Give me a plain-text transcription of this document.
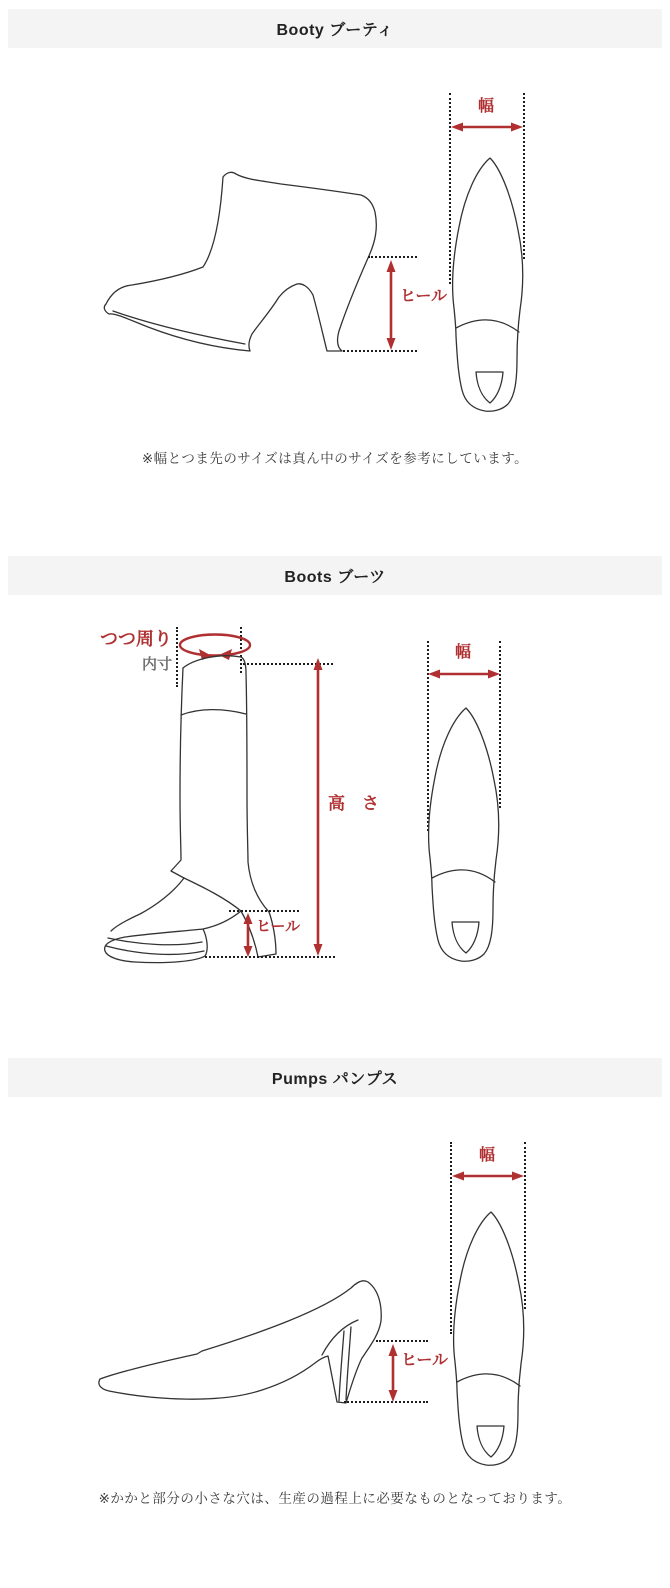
Booty ブーティ
ヒール
幅
※幅とつま先のサイズは真ん中のサイズを参考にしています。
Boots ブーツ
つつ周り
内寸
高　さ
ヒール
幅
Pumps パンプス
ヒール
幅
※かかと部分の小さな穴は、生産の過程上に必要なものとなっております。
